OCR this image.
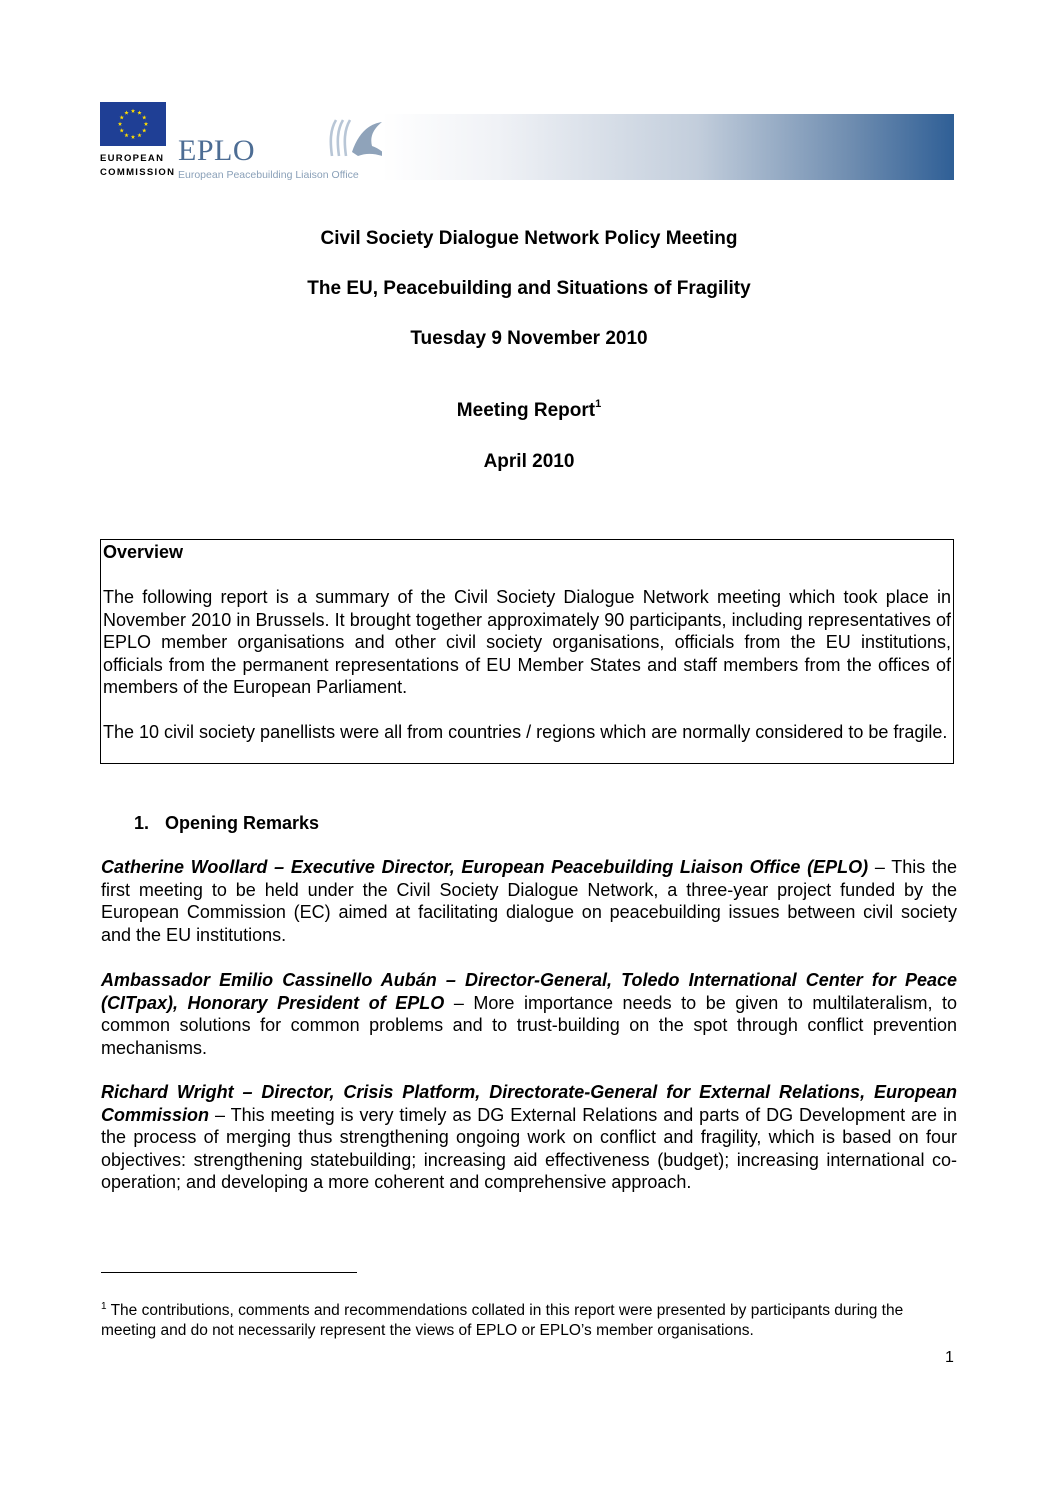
EUROPEAN
COMMISSION
EPLO
European Peacebuilding Liaison Office
Civil Society Dialogue Network Policy Meeting
The EU, Peacebuilding and Situations of Fragility
Tuesday 9 November 2010
Meeting Report$^1$
April 2010
Overview

The following report is a summary of the Civil Society Dialogue Network meeting which took place in November 2010 in Brussels. It brought together approximately 90 participants, including representatives of EPLO member organisations and other civil society organisations, officials from the EU institutions, officials from the permanent representations of EU Member States and staff members from the offices of members of the European Parliament.

The 10 civil society panellists were all from countries / regions which are normally considered to be fragile.

1. Opening Remarks

Catherine Woollard – Executive Director, European Peacebuilding Liaison Office (EPLO) – This the first meeting to be held under the Civil Society Dialogue Network, a three-year project funded by the European Commission (EC) aimed at facilitating dialogue on peacebuilding issues between civil society and the EU institutions.

Ambassador Emilio Cassinello Aubán – Director-General, Toledo International Center for Peace (CITpax), Honorary President of EPLO – More importance needs to be given to multilateralism, to common solutions for common problems and to trust-building on the spot through conflict prevention mechanisms.

Richard Wright – Director, Crisis Platform, Directorate-General for External Relations, European Commission – This meeting is very timely as DG External Relations and parts of DG Development are in the process of merging thus strengthening ongoing work on conflict and fragility, which is based on four objectives: strengthening statebuilding; increasing aid effectiveness (budget); increasing international co-operation; and developing a more coherent and comprehensive approach.

$^1$ The contributions, comments and recommendations collated in this report were presented by participants during the meeting and do not necessarily represent the views of EPLO or EPLO’s member organisations.

1
